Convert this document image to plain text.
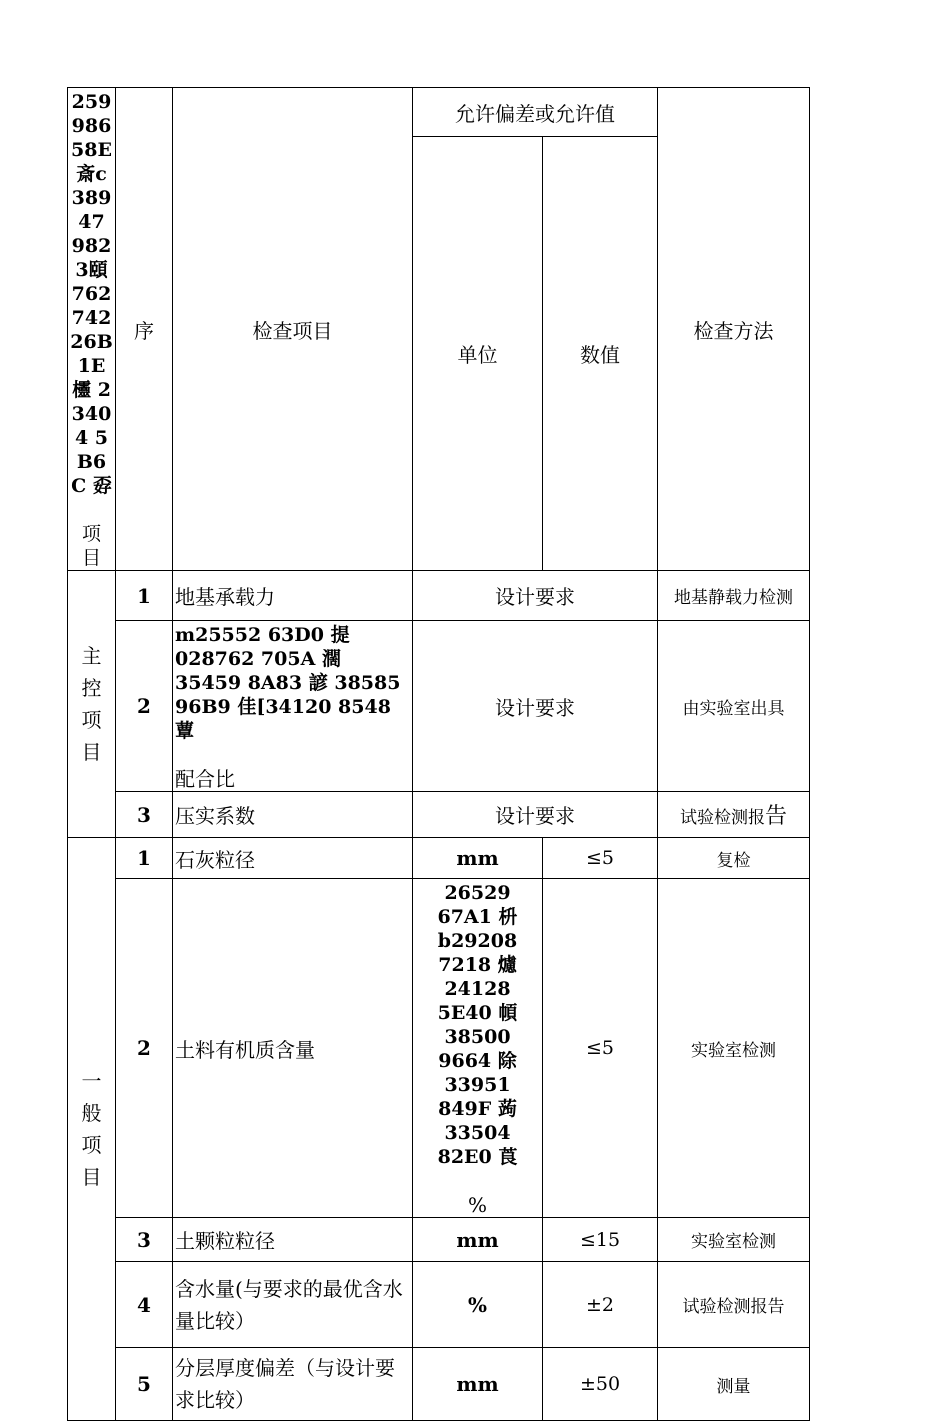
25998658E斎c38947 9823頤76274226B1E 欞 23404 5B6C 孬
项目	序	检查项目	允许偏差或允许值		检查方法
			单位	数值	

主控项目	1	地基承载力	设计要求		地基静载力检测
	2	m25552 63D0 提 028762 705A 濶 35459 8A83 諺 38585 96B9 佳[34120 8548 蕈
配合比	设计要求		由实验室出具
	3	压实系数	设计要求		试验检测报告

一般项目	1	石灰粒径	mm	≤5	复检
	2	土料有机质含量	26529 67A1 枡 b29208 7218 爈 24128 5E40 幁 38500 9664 除 33951 849F 蒟 33504 82E0 莨
%	≤5	实验室检测
	3	土颗粒粒径	mm	≤15	实验室检测
	4	含水量(与要求的最优含水量比较）	%	±2	试验检测报告
	5	分层厚度偏差（与设计要求比较）	mm	±50	测量
